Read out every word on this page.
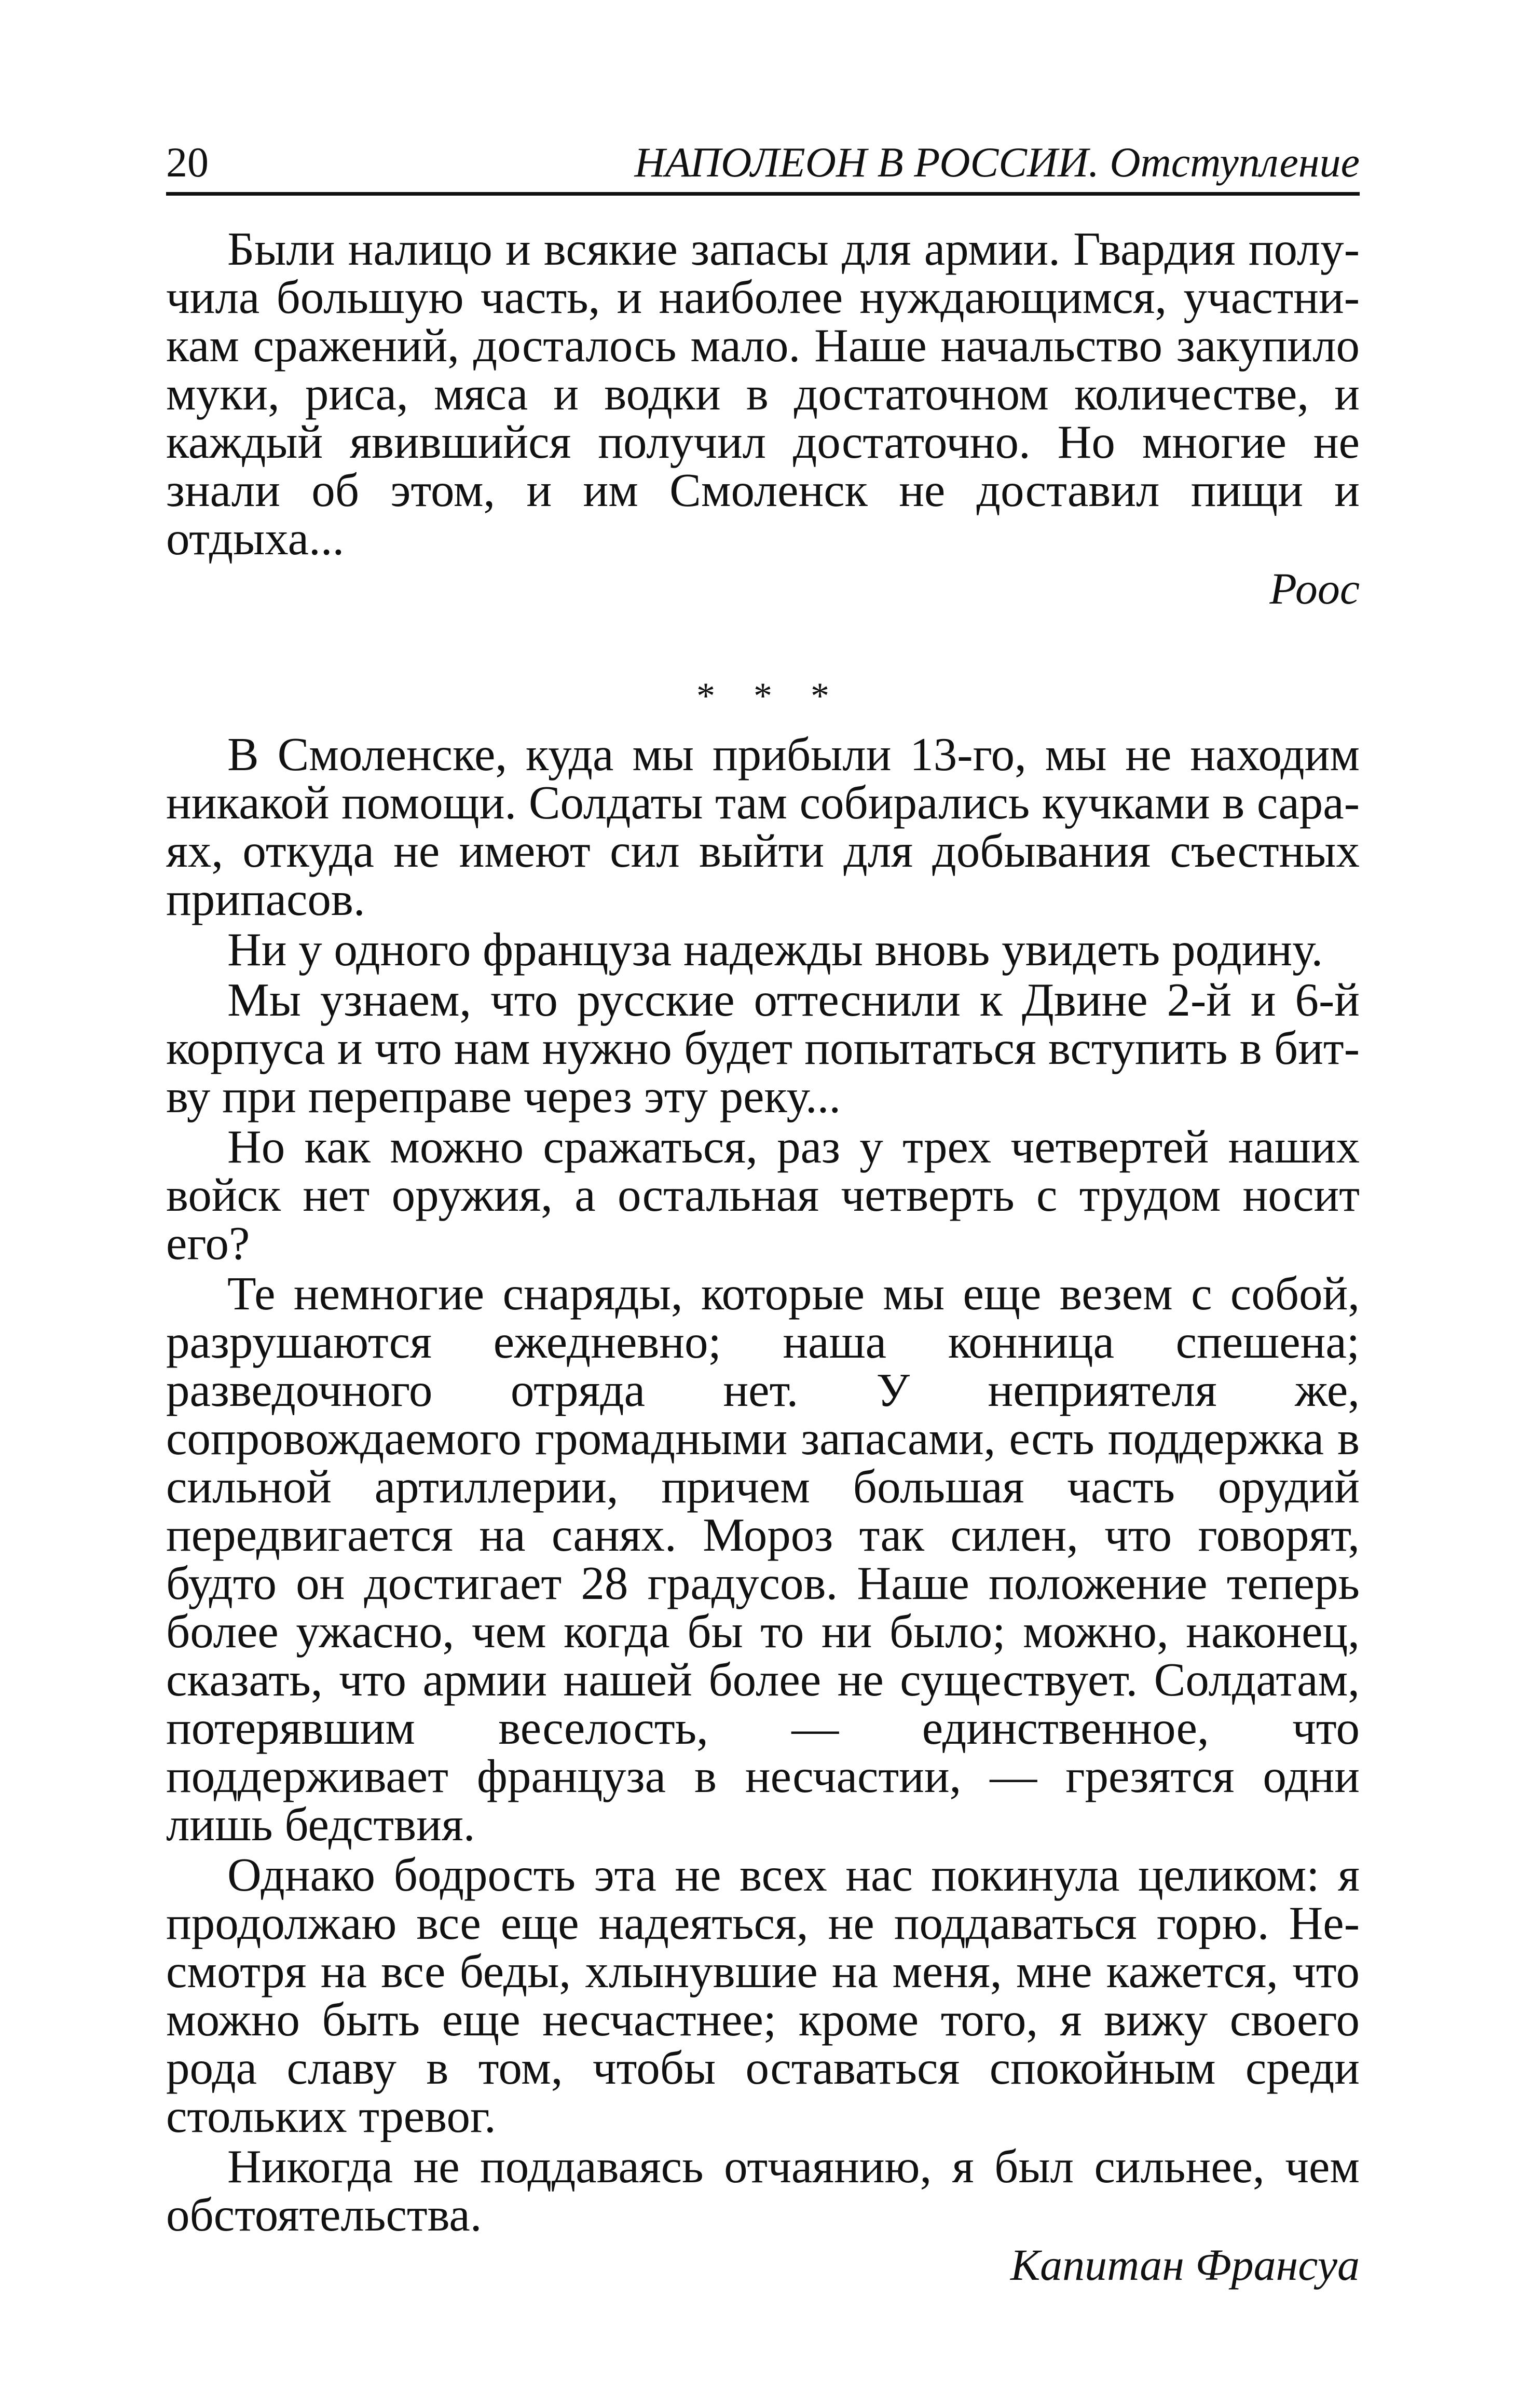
20	НАПОЛЕОН В РОССИИ. Отступление

Были налицо и всякие запасы для армии. Гвардия получила большую часть, и наиболее нуждающимся, участникам сражений, досталось мало. Наше начальство закупило муки, риса, мяса и водки в достаточном количестве, и каждый явившийся получил достаточно. Но многие не знали об этом, и им Смоленск не доставил пищи и отдыха...

Роос

* * *

В Смоленске, куда мы прибыли 13-го, мы не находим никакой помощи. Солдаты там собирались кучками в сараях, откуда не имеют сил выйти для добывания съестных припасов.

Ни у одного француза надежды вновь увидеть родину.

Мы узнаем, что русские оттеснили к Двине 2-й и 6-й корпуса и что нам нужно будет попытаться вступить в битву при переправе через эту реку...

Но как можно сражаться, раз у трех четвертей наших войск нет оружия, а остальная четверть с трудом носит его?

Те немногие снаряды, которые мы еще везем с собой, разрушаются ежедневно; наша конница спешена; разведочного отряда нет. У неприятеля же, сопровождаемого громадными запасами, есть поддержка в сильной артиллерии, причем большая часть орудий передвигается на санях. Мороз так силен, что говорят, будто он достигает 28 градусов. Наше положение теперь более ужасно, чем когда бы то ни было; можно, наконец, сказать, что армии нашей более не существует. Солдатам, потерявшим веселость, — единственное, что поддерживает француза в несчастии, — грезятся одни лишь бедствия.

Однако бодрость эта не всех нас покинула целиком: я продолжаю все еще надеяться, не поддаваться горю. Несмотря на все беды, хлынувшие на меня, мне кажется, что можно быть еще несчастнее; кроме того, я вижу своего рода славу в том, чтобы оставаться спокойным среди стольких тревог.

Никогда не поддаваясь отчаянию, я был сильнее, чем обстоятельства.

Капитан Франсуа
